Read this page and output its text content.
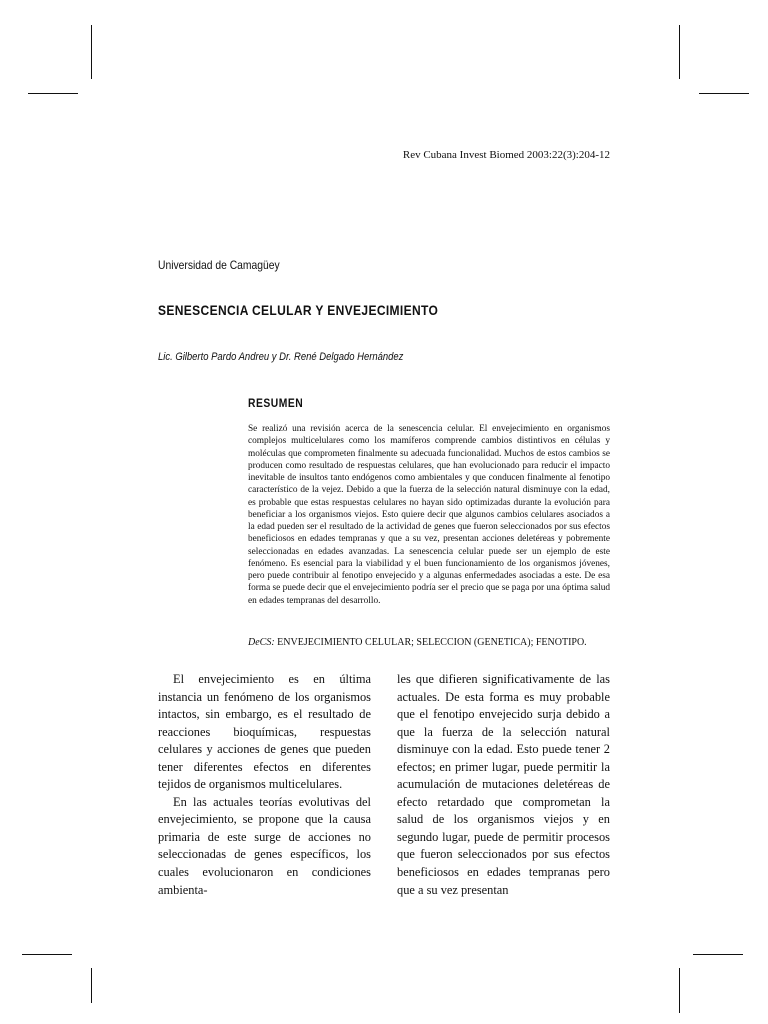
Rev Cubana Invest Biomed 2003:22(3):204-12
Universidad de Camagüey
SENESCENCIA CELULAR Y ENVEJECIMIENTO
Lic. Gilberto Pardo Andreu y Dr. René Delgado Hernández
RESUMEN
Se realizó una revisión acerca de la senescencia celular. El envejecimiento en organismos complejos multicelulares como los mamíferos comprende cambios distintivos en células y moléculas que comprometen finalmente su adecuada funcionalidad. Muchos de estos cambios se producen como resultado de respuestas celulares, que han evolucionado para reducir el impacto inevitable de insultos tanto endógenos como ambientales y que conducen finalmente al fenotipo característico de la vejez. Debido a que la fuerza de la selección natural disminuye con la edad, es probable que estas respuestas celulares no hayan sido optimizadas durante la evolución para beneficiar a los organismos viejos. Esto quiere decir que algunos cambios celulares asociados a la edad pueden ser el resultado de la actividad de genes que fueron seleccionados por sus efectos beneficiosos en edades tempranas y que a su vez, presentan acciones deletéreas y pobremente seleccionadas en edades avanzadas. La senescencia celular puede ser un ejemplo de este fenómeno. Es esencial para la viabilidad y el buen funcionamiento de los organismos jóvenes, pero puede contribuir al fenotipo envejecido y a algunas enfermedades asociadas a este. De esa forma se puede decir que el envejecimiento podría ser el precio que se paga por una óptima salud en edades tempranas del desarrollo.
DeCS: ENVEJECIMIENTO CELULAR; SELECCION (GENETICA); FENOTIPO.

El envejecimiento es en última instancia un fenómeno de los organismos intactos, sin embargo, es el resultado de reacciones bioquímicas, respuestas celulares y acciones de genes que pueden tener diferentes efectos en diferentes tejidos de organismos multicelulares.

En las actuales teorías evolutivas del envejecimiento, se propone que la causa primaria de este surge de acciones no seleccionadas de genes específicos, los cuales evolucionaron en condiciones ambienta-

les que difieren significativamente de las actuales. De esta forma es muy probable que el fenotipo envejecido surja debido a que la fuerza de la selección natural disminuye con la edad. Esto puede tener 2 efectos; en primer lugar, puede permitir la acumulación de mutaciones deletéreas de efecto retardado que comprometan la salud de los organismos viejos y en segundo lugar, puede de permitir procesos que fueron seleccionados por sus efectos beneficiosos en edades tempranas pero que a su vez presentan
